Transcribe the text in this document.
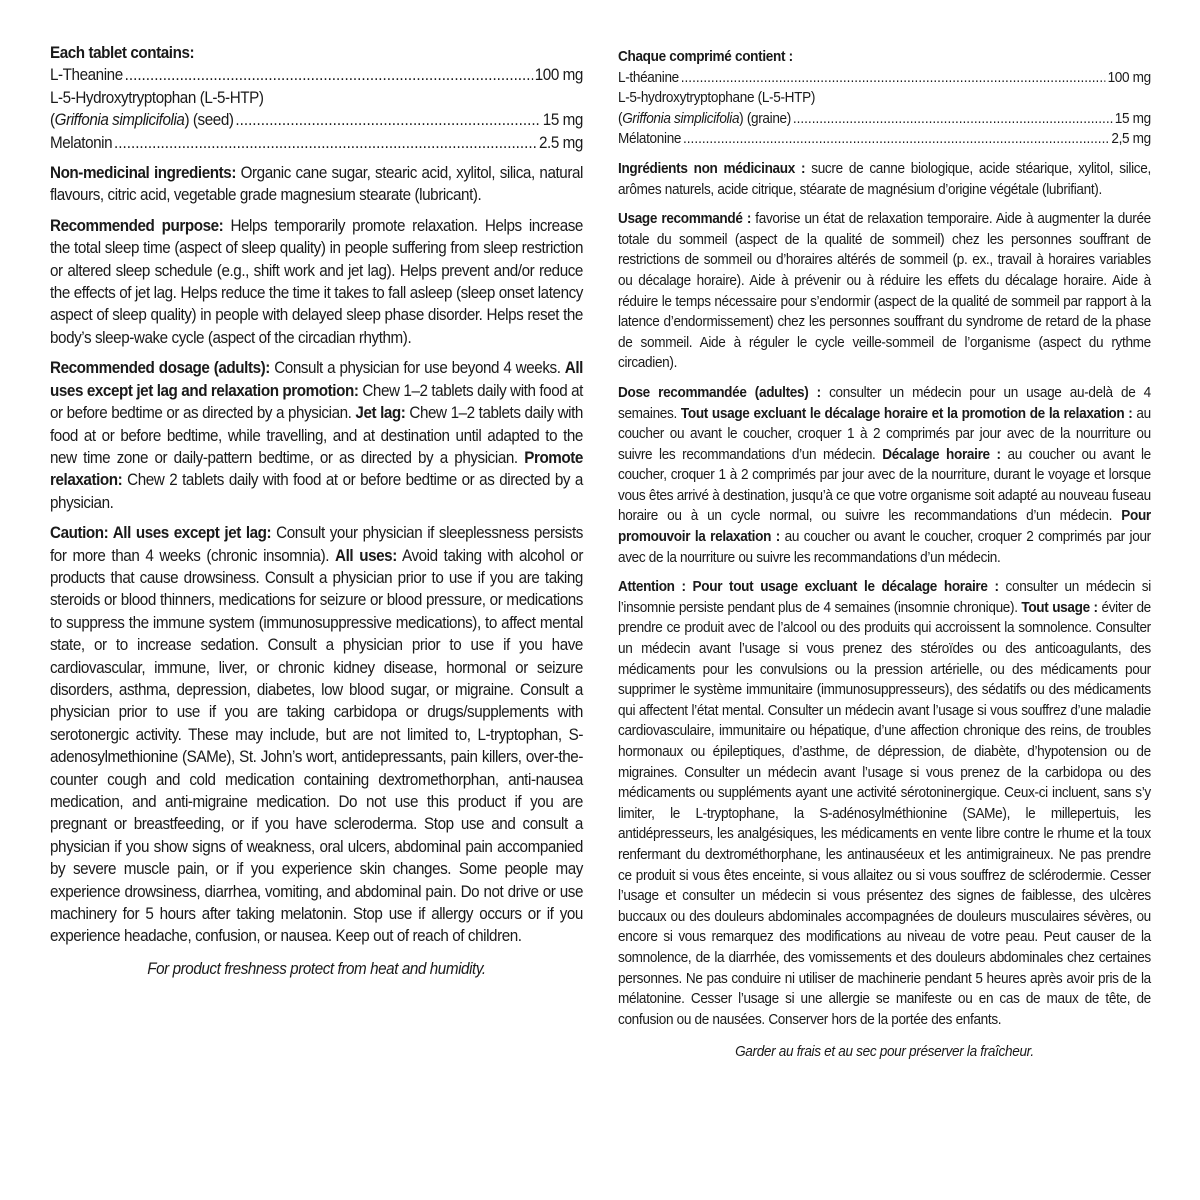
Each tablet contains:

L-Theanine .....	100 mg

L-5-Hydroxytryptophan (L-5-HTP)

(Griffonia simplicifolia) (seed) .....	15 mg
Melatonin .....	2.5 mg

Non-medicinal ingredients: Organic cane sugar, stearic acid, xylitol, silica, natural flavours, citric acid, vegetable grade magnesium stearate (lubricant).

Recommended purpose: Helps temporarily promote relaxation. Helps increase the total sleep time (aspect of sleep quality) in people suffering from sleep restriction or altered sleep schedule (e.g., shift work and jet lag). Helps prevent and/or reduce the effects of jet lag. Helps reduce the time it takes to fall asleep (sleep onset latency aspect of sleep quality) in people with delayed sleep phase disorder. Helps reset the body’s sleep-wake cycle (aspect of the circadian rhythm).

Recommended dosage (adults): Consult a physician for use beyond 4 weeks. All uses except jet lag and relaxation promotion: Chew 1–2 tablets daily with food at or before bedtime or as directed by a physician. Jet lag: Chew 1–2 tablets daily with food at or before bedtime, while travelling, and at destination until adapted to the new time zone or daily-pattern bedtime, or as directed by a physician. Promote relaxation: Chew 2 tablets daily with food at or before bedtime or as directed by a physician.

Caution: All uses except jet lag: Consult your physician if sleeplessness persists for more than 4 weeks (chronic insomnia). All uses: Avoid taking with alcohol or products that cause drowsiness. Consult a physician prior to use if you are taking steroids or blood thinners, medications for seizure or blood pressure, or medications to suppress the immune system (immunosuppressive medications), to affect mental state, or to increase sedation. Consult a physician prior to use if you have cardiovascular, immune, liver, or chronic kidney disease, hormonal or seizure disorders, asthma, depression, diabetes, low blood sugar, or migraine. Consult a physician prior to use if you are taking carbidopa or drugs/supplements with serotonergic activity. These may include, but are not limited to, L-tryptophan, S-adenosylmethionine (SAMe), St. John’s wort, antidepressants, pain killers, over-the-counter cough and cold medication containing dextromethorphan, anti-nausea medication, and anti-migraine medication. Do not use this product if you are pregnant or breastfeeding, or if you have scleroderma. Stop use and consult a physician if you show signs of weakness, oral ulcers, abdominal pain accompanied by severe muscle pain, or if you experience skin changes. Some people may experience drowsiness, diarrhea, vomiting, and abdominal pain. Do not drive or use machinery for 5 hours after taking melatonin. Stop use if allergy occurs or if you experience headache, confusion, or nausea. Keep out of reach of children.

For product freshness protect from heat and humidity.

Chaque comprimé contient :

L-théanine .....	100 mg

L-5-hydroxytryptophane (L-5-HTP)

(Griffonia simplicifolia) (graine) .....	15 mg
Mélatonine .....	2,5 mg

Ingrédients non médicinaux : sucre de canne biologique, acide stéarique, xylitol, silice, arômes naturels, acide citrique, stéarate de magnésium d’origine végétale (lubrifiant).

Usage recommandé : favorise un état de relaxation temporaire. Aide à augmenter la durée totale du sommeil (aspect de la qualité de sommeil) chez les personnes souffrant de restrictions de sommeil ou d’horaires altérés de sommeil (p. ex., travail à horaires variables ou décalage horaire). Aide à prévenir ou à réduire les effets du décalage horaire. Aide à réduire le temps nécessaire pour s’endormir (aspect de la qualité de sommeil par rapport à la latence d’endormissement) chez les personnes souffrant du syndrome de retard de la phase de sommeil. Aide à réguler le cycle veille-sommeil de l’organisme (aspect du rythme circadien).

Dose recommandée (adultes) : consulter un médecin pour un usage au-delà de 4 semaines. Tout usage excluant le décalage horaire et la promotion de la relaxation : au coucher ou avant le coucher, croquer 1 à 2 comprimés par jour avec de la nourriture ou suivre les recommandations d’un médecin. Décalage horaire : au coucher ou avant le coucher, croquer 1 à 2 comprimés par jour avec de la nourriture, durant le voyage et lorsque vous êtes arrivé à destination, jusqu’à ce que votre organisme soit adapté au nouveau fuseau horaire ou à un cycle normal, ou suivre les recommandations d’un médecin. Pour promouvoir la relaxation : au coucher ou avant le coucher, croquer 2 comprimés par jour avec de la nourriture ou suivre les recommandations d’un médecin.

Attention : Pour tout usage excluant le décalage horaire : consulter un médecin si l’insomnie persiste pendant plus de 4 semaines (insomnie chronique). Tout usage : éviter de prendre ce produit avec de l’alcool ou des produits qui accroissent la somnolence. Consulter un médecin avant l’usage si vous prenez des stéroïdes ou des anticoagulants, des médicaments pour les convulsions ou la pression artérielle, ou des médicaments pour supprimer le système immunitaire (immunosuppresseurs), des sédatifs ou des médicaments qui affectent l’état mental. Consulter un médecin avant l’usage si vous souffrez d’une maladie cardiovasculaire, immunitaire ou hépatique, d’une affection chronique des reins, de troubles hormonaux ou épileptiques, d’asthme, de dépression, de diabète, d’hypotension ou de migraines. Consulter un médecin avant l’usage si vous prenez de la carbidopa ou des médicaments ou suppléments ayant une activité sérotoninergique. Ceux-ci incluent, sans s’y limiter, le L-tryptophane, la S-adénosylméthionine (SAMe), le millepertuis, les antidépresseurs, les analgésiques, les médicaments en vente libre contre le rhume et la toux renfermant du dextrométhorphane, les antinauséeux et les antimigraineux. Ne pas prendre ce produit si vous êtes enceinte, si vous allaitez ou si vous souffrez de sclérodermie. Cesser l’usage et consulter un médecin si vous présentez des signes de faiblesse, des ulcères buccaux ou des douleurs abdominales accompagnées de douleurs musculaires sévères, ou encore si vous remarquez des modifications au niveau de votre peau. Peut causer de la somnolence, de la diarrhée, des vomissements et des douleurs abdominales chez certaines personnes. Ne pas conduire ni utiliser de machinerie pendant 5 heures après avoir pris de la mélatonine. Cesser l’usage si une allergie se manifeste ou en cas de maux de tête, de confusion ou de nausées. Conserver hors de la portée des enfants.

Garder au frais et au sec pour préserver la fraîcheur.
